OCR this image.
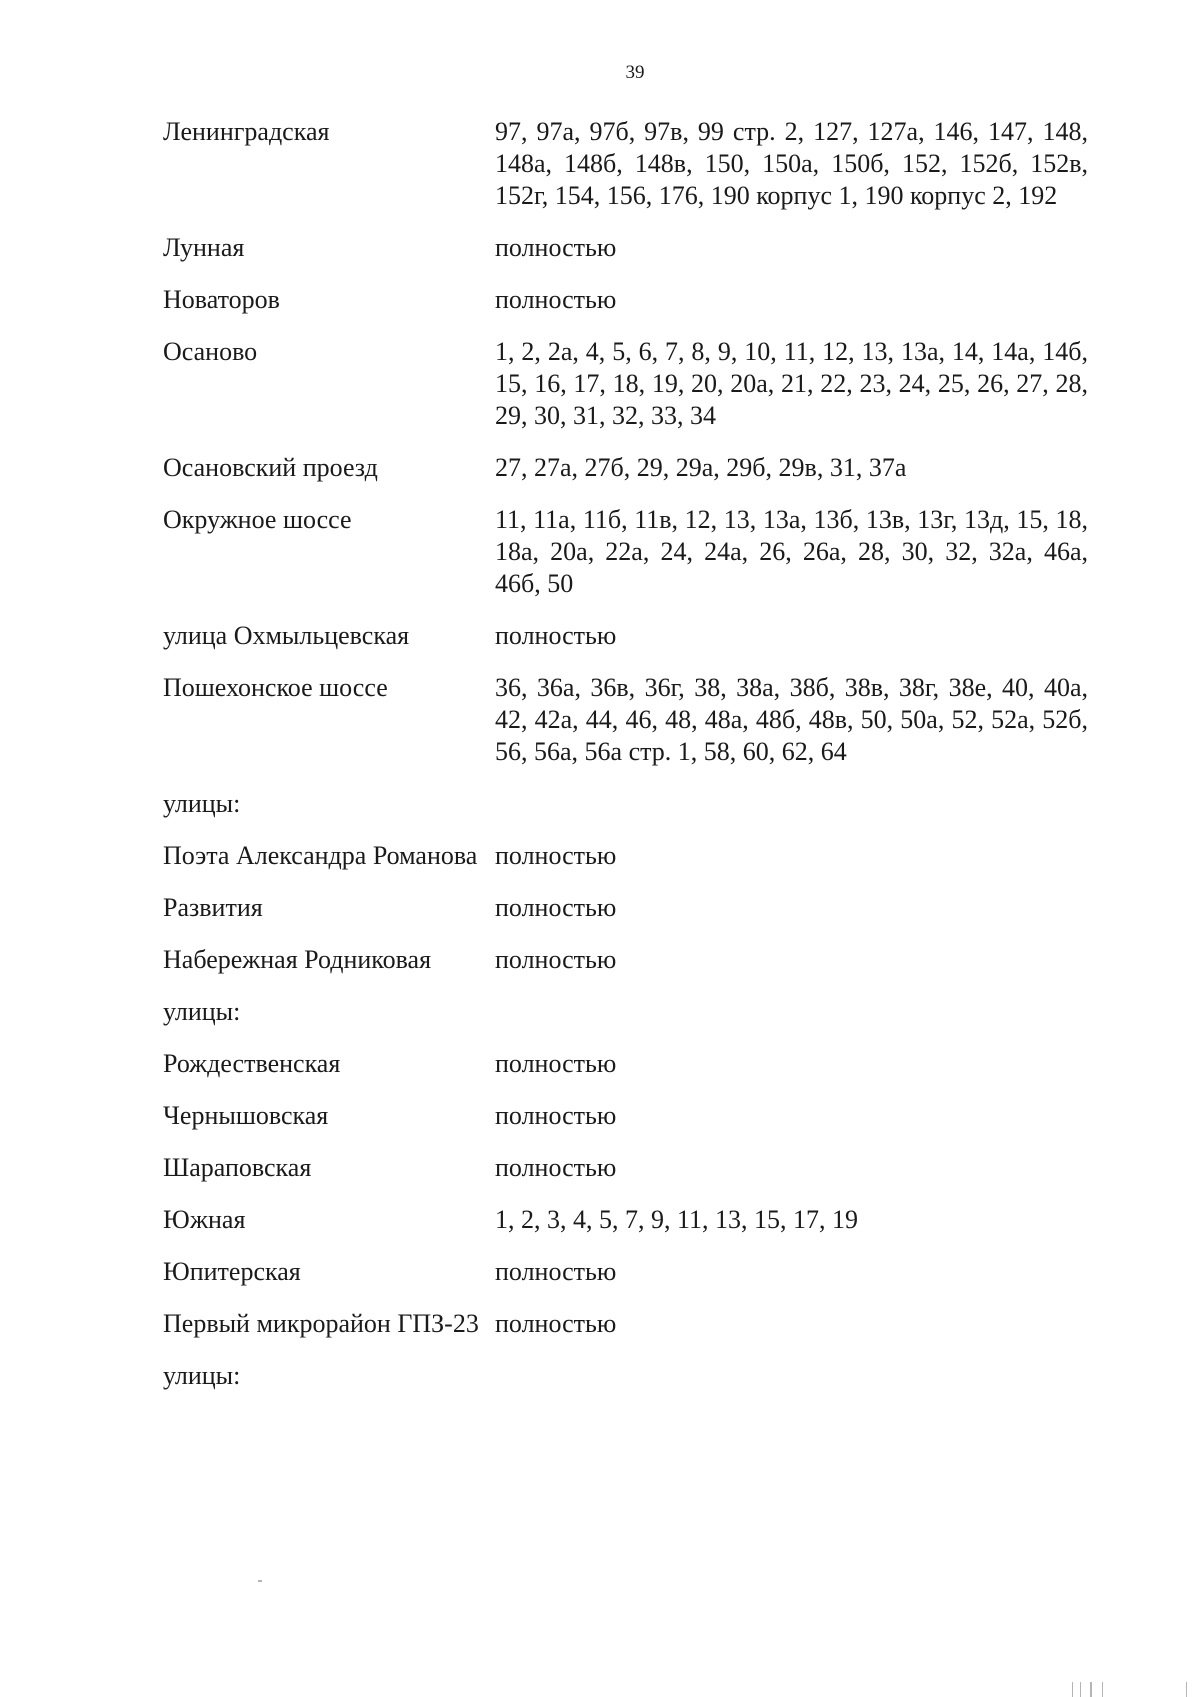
39
Ленинградская	97, 97а, 97б, 97в, 99 стр. 2, 127, 127а, 146, 147, 148, 148а, 148б, 148в, 150, 150а, 150б, 152, 152б, 152в, 152г, 154, 156, 176, 190 корпус 1, 190 корпус 2, 192
Лунная	полностью
Новаторов	полностью
Осаново	1, 2, 2а, 4, 5, 6, 7, 8, 9, 10, 11, 12, 13, 13а, 14, 14а, 14б, 15, 16, 17, 18, 19, 20, 20а, 21, 22, 23, 24, 25, 26, 27, 28, 29, 30, 31, 32, 33, 34
Осановский проезд	27, 27а, 27б, 29, 29а, 29б, 29в, 31, 37а
Окружное шоссе	11, 11а, 11б, 11в, 12, 13, 13а, 13б, 13в, 13г, 13д, 15, 18, 18а, 20а, 22а, 24, 24а, 26, 26а, 28, 30, 32, 32а, 46а, 46б, 50
улица Охмыльцевская	полностью
Пошехонское шоссе	36, 36а, 36в, 36г, 38, 38а, 38б, 38в, 38г, 38е, 40, 40а, 42, 42а, 44, 46, 48, 48а, 48б, 48в, 50, 50а, 52, 52а, 52б, 56, 56а, 56а стр. 1, 58, 60, 62, 64
улицы:
Поэта Александра Романова полностью
Развития	полностью
Набережная Родниковая	полностью
улицы:
Рождественская	полностью
Чернышовская	полностью
Шараповская	полностью
Южная	1, 2, 3, 4, 5, 7, 9, 11, 13, 15, 17, 19
Юпитерская	полностью
Первый микрорайон ГПЗ-23 полностью
улицы:
